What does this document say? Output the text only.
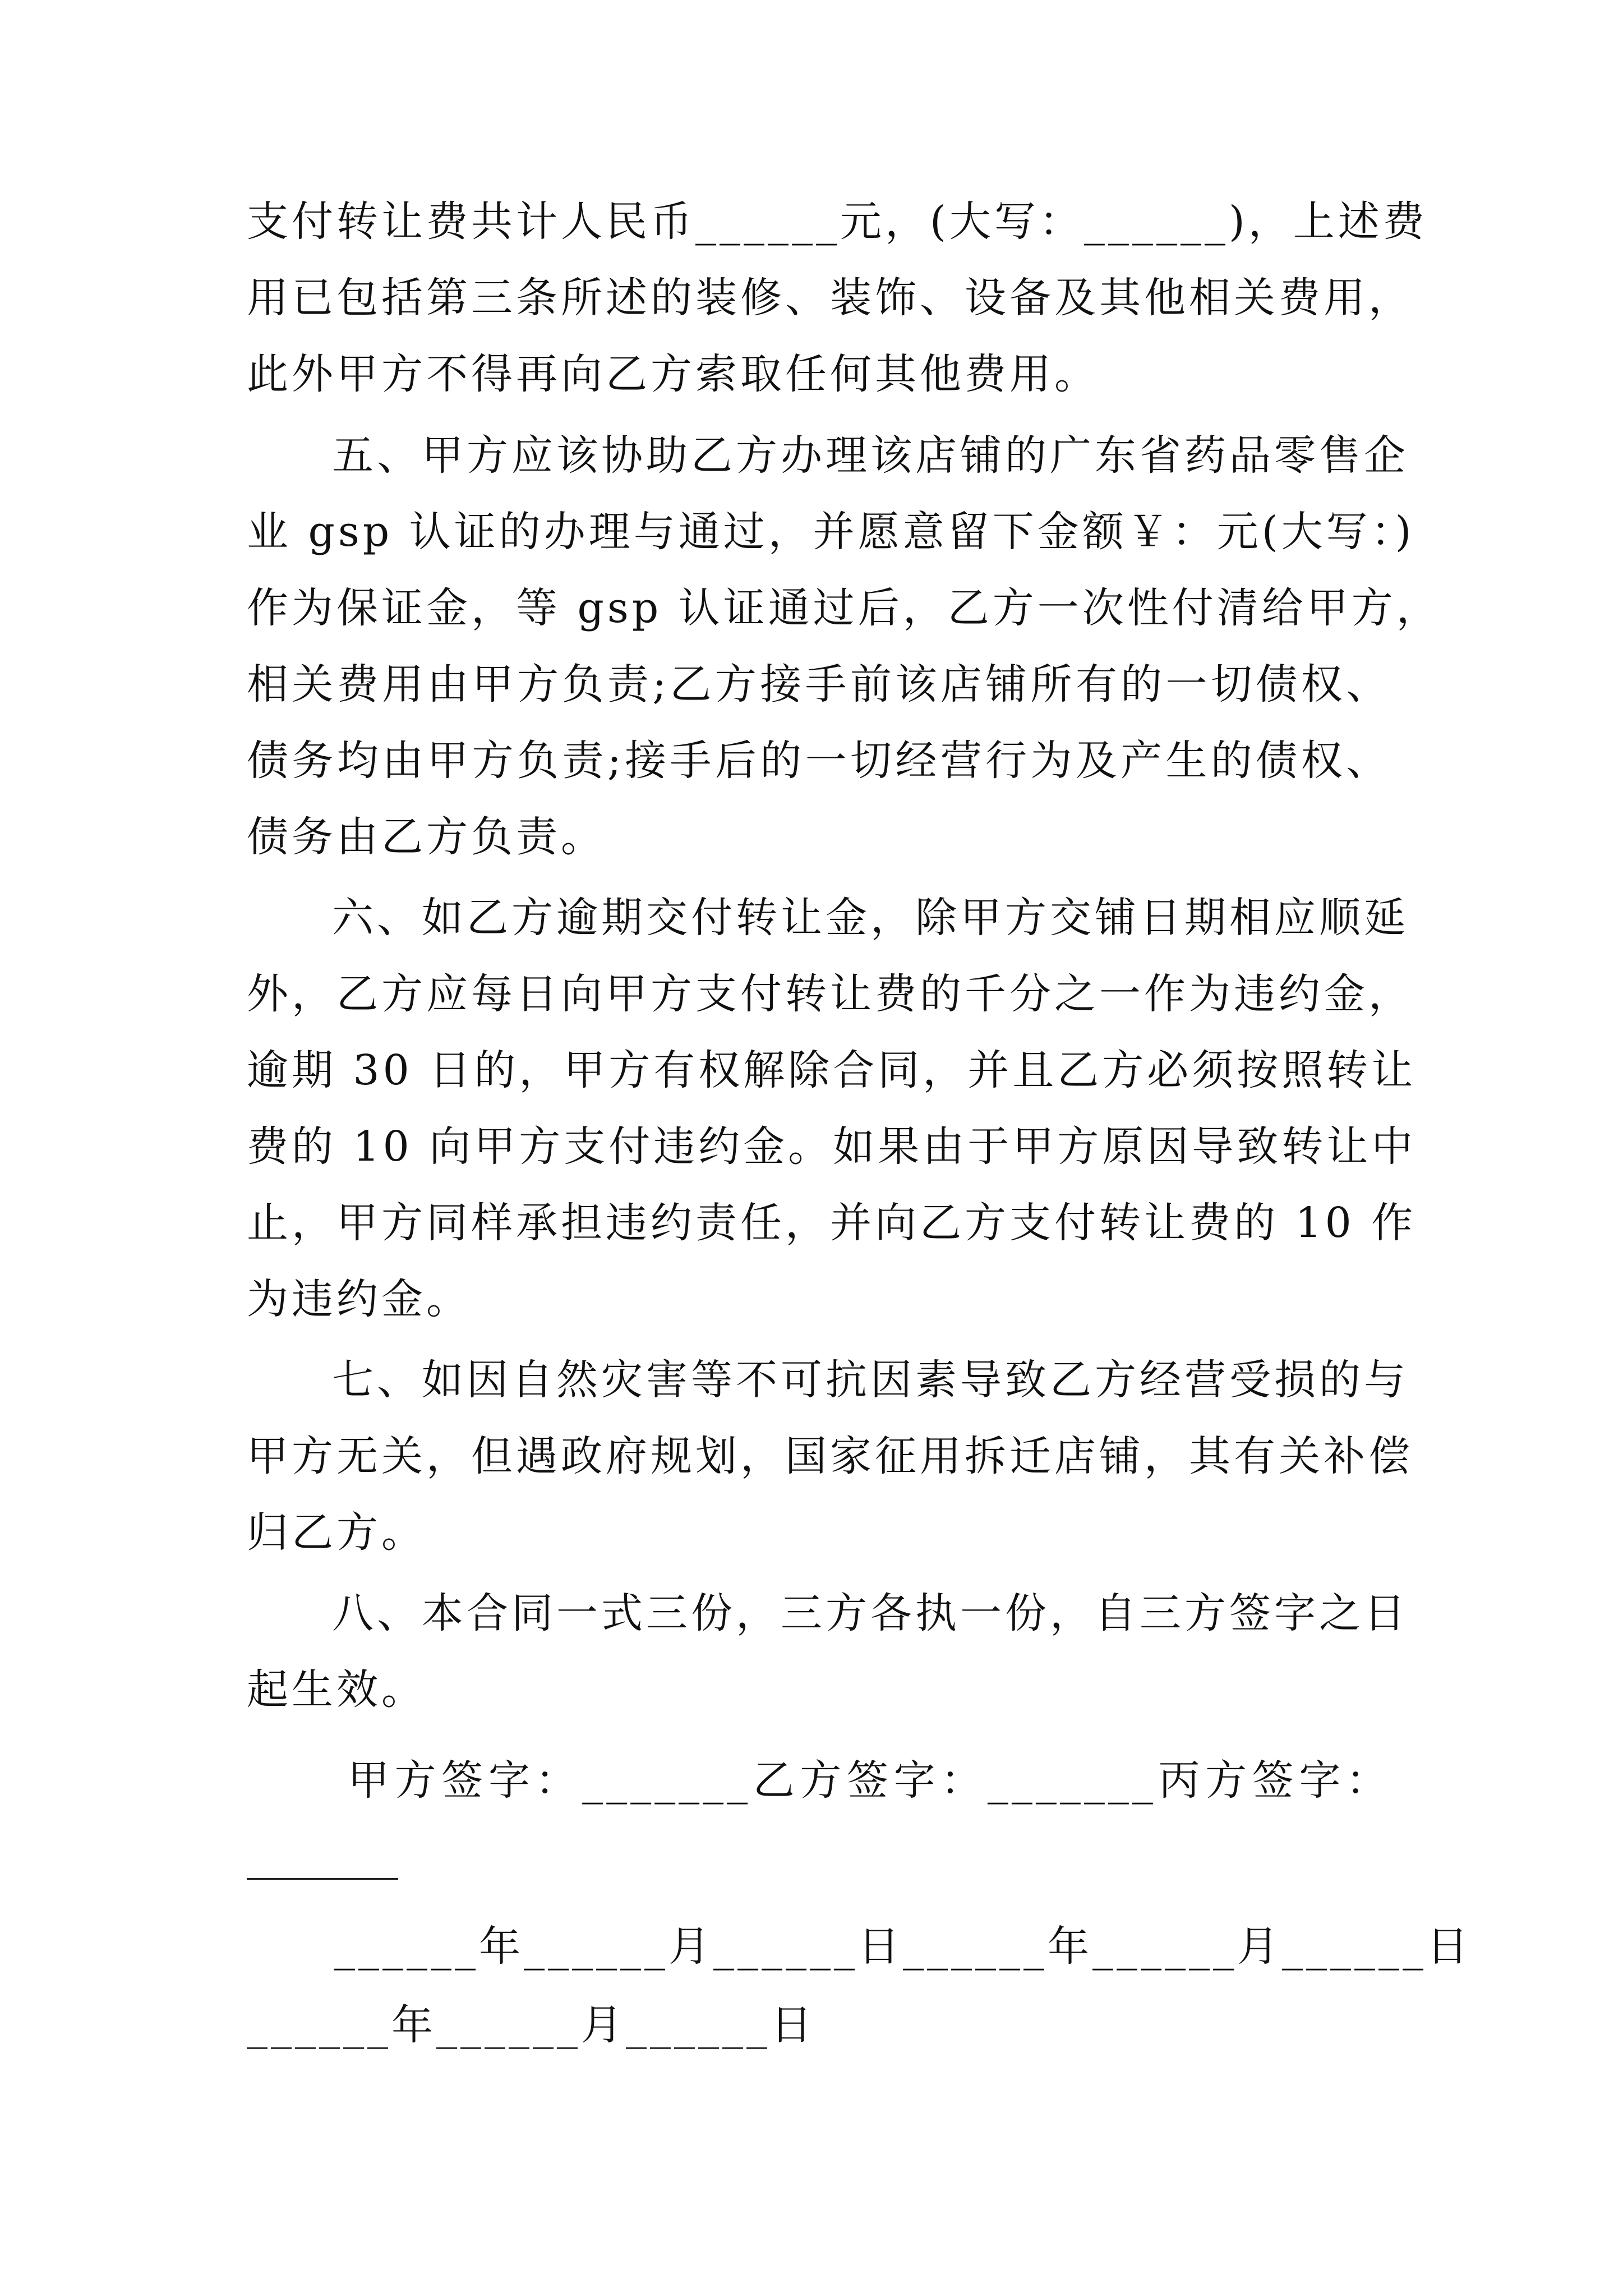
支付转让费共计人民币______元，(大写：______)，上述费
用已包括第三条所述的装修、装饰、设备及其他相关费用，
此外甲方不得再向乙方索取任何其他费用。
五、甲方应该协助乙方办理该店铺的广东省药品零售企
业 gsp 认证的办理与通过，并愿意留下金额￥：元(大写：)
作为保证金，等 gsp 认证通过后，乙方一次性付清给甲方，
相关费用由甲方负责;乙方接手前该店铺所有的一切债权、
债务均由甲方负责;接手后的一切经营行为及产生的债权、
债务由乙方负责。
六、如乙方逾期交付转让金，除甲方交铺日期相应顺延
外，乙方应每日向甲方支付转让费的千分之一作为违约金，
逾期 30 日的，甲方有权解除合同，并且乙方必须按照转让
费的 10 向甲方支付违约金。如果由于甲方原因导致转让中
止，甲方同样承担违约责任，并向乙方支付转让费的 10 作
为违约金。
七、如因自然灾害等不可抗因素导致乙方经营受损的与
甲方无关，但遇政府规划，国家征用拆迁店铺，其有关补偿
归乙方。
八、本合同一式三份，三方各执一份，自三方签字之日
起生效。
甲方签字：_______乙方签字：_______丙方签字：
______年______月______日______年______月______日
______年______月______日
